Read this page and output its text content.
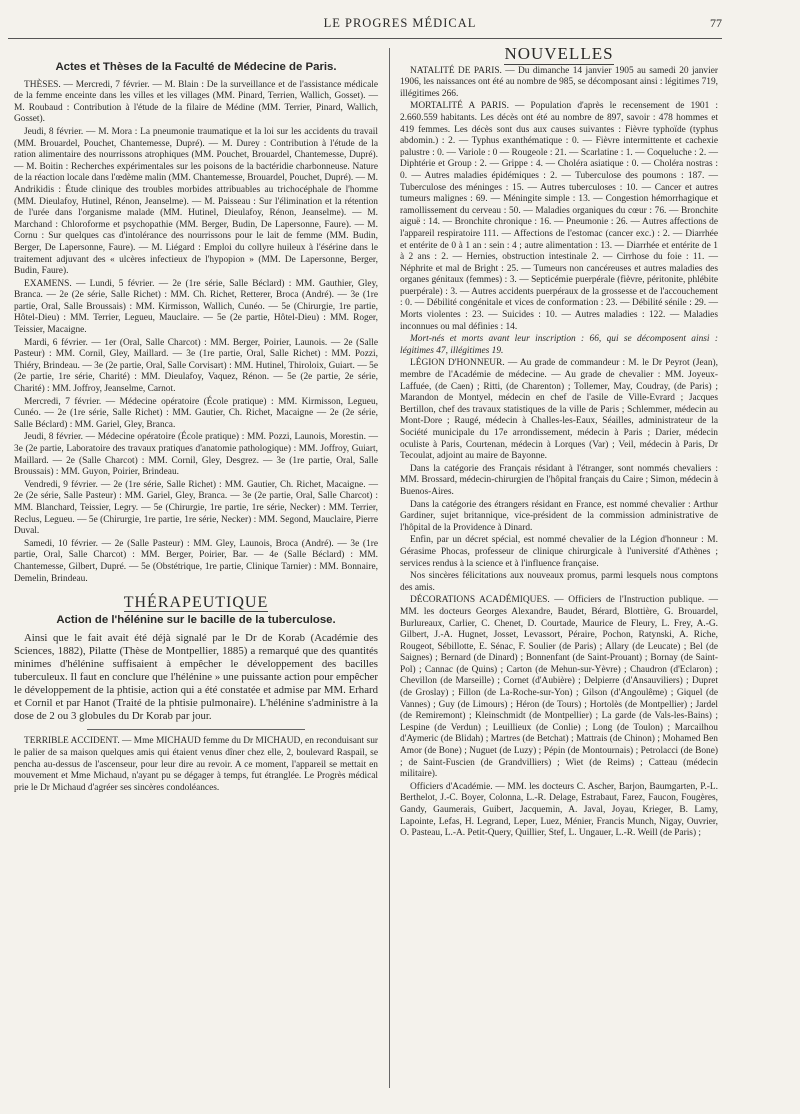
LE PROGRES MÉDICAL	77
Actes et Thèses de la Faculté de Médecine de Paris.

THÈSES. — Mercredi, 7 février. — M. Blain : De la surveillance et de l'assistance médicale de la femme enceinte dans les villes et les villages (MM. Pinard, Terrien, Wallich, Gosset). — M. Roubaud : Contribution à l'étude de la filaire de Médine (MM. Terrier, Pinard, Wallich, Gosset).

Jeudi, 8 février. — M. Mora : La pneumonie traumatique et la loi sur les accidents du travail (MM. Brouardel, Pouchet, Chantemesse, Dupré). — M. Durey : Contribution à l'étude de la ration alimentaire des nourrissons atrophiques (MM. Pouchet, Brouardel, Chantemesse, Dupré). — M. Boitin : Recherches expérimentales sur les poisons de la bactéridie charbonneuse. Nature de la réaction locale dans l'œdème malin (MM. Chantemesse, Brouardel, Pouchet, Dupré). — M. Andrikidis : Étude clinique des troubles morbides attribuables au trichocéphale de l'homme (MM. Dieulafoy, Hutinel, Rénon, Jeanselme). — M. Paisseau : Sur l'élimination et la rétention de l'urée dans l'organisme malade (MM. Hutinel, Dieulafoy, Rénon, Jeanselme). — M. Marchand : Chloroforme et psychopathie (MM. Berger, Budin, De Lapersonne, Faure). — M. Cornu : Sur quelques cas d'intolérance des nourrissons pour le lait de femme (MM. Budin, Berger, De Lapersonne, Faure). — M. Liégard : Emploi du collyre huileux à l'ésérine dans le traitement adjuvant des « ulcères infectieux de l'hypopion » (MM. De Lapersonne, Berger, Budin, Faure).

EXAMENS. — Lundi, 5 février. — 2e (1re série, Salle Béclard) : MM. Gauthier, Gley, Branca. — 2e (2e série, Salle Richet) : MM. Ch. Richet, Retterer, Broca (André). — 3e (1re partie, Oral, Salle Broussais) : MM. Kirmisson, Wallich, Cunéo. — 5e (Chirurgie, 1re partie, Hôtel-Dieu) : MM. Terrier, Legueu, Mauclaire. — 5e (2e partie, Hôtel-Dieu) : MM. Roger, Teissier, Macaigne.

Mardi, 6 février. — 1er (Oral, Salle Charcot) : MM. Berger, Poirier, Launois. — 2e (Salle Pasteur) : MM. Cornil, Gley, Maillard. — 3e (1re partie, Oral, Salle Richet) : MM. Pozzi, Thiéry, Brindeau. — 3e (2e partie, Oral, Salle Corvisart) : MM. Hutinel, Thiroloix, Guiart. — 5e (2e partie, 1re série, Charité) : MM. Dieulafoy, Vaquez, Rénon. — 5e (2e partie, 2e série, Charité) : MM. Joffroy, Jeanselme, Carnot.

Mercredi, 7 février. — Médecine opératoire (École pratique) : MM. Kirmisson, Legueu, Cunéo. — 2e (1re série, Salle Richet) : MM. Gautier, Ch. Richet, Macaigne — 2e (2e série, Salle Béclard) : MM. Gariel, Gley, Branca.

Jeudi, 8 février. — Médecine opératoire (École pratique) : MM. Pozzi, Launois, Morestin. — 3e (2e partie, Laboratoire des travaux pratiques d'anatomie pathologique) : MM. Joffroy, Guiart, Maillard. — 2e (Salle Charcot) : MM. Cornil, Gley, Desgrez. — 3e (1re partie, Oral, Salle Broussais) : MM. Guyon, Poirier, Brindeau.

Vendredi, 9 février. — 2e (1re série, Salle Richet) : MM. Gautier, Ch. Richet, Macaigne. — 2e (2e série, Salle Pasteur) : MM. Gariel, Gley, Branca. — 3e (2e partie, Oral, Salle Charcot) : MM. Blanchard, Teissier, Legry. — 5e (Chirurgie, 1re partie, 1re série, Necker) : MM. Terrier, Reclus, Legueu. — 5e (Chirurgie, 1re partie, 1re série, Necker) : MM. Segond, Mauclaire, Pierre Duval.

Samedi, 10 février. — 2e (Salle Pasteur) : MM. Gley, Launois, Broca (André). — 3e (1re partie, Oral, Salle Charcot) : MM. Berger, Poirier, Bar. — 4e (Salle Béclard) : MM. Chantemesse, Gilbert, Dupré. — 5e (Obstétrique, 1re partie, Clinique Tarnier) : MM. Bonnaire, Demelin, Brindeau.

THÉRAPEUTIQUE
Action de l'hélénine sur le bacille de la tuberculose.

Ainsi que le fait avait été déjà signalé par le Dr de Korab (Académie des Sciences, 1882), Pilatte (Thèse de Montpellier, 1885) a remarqué que des quantités minimes d'hélénine suffisaient à empêcher le développement des bacilles tuberculeux. Il faut en conclure que l'hélénine » une puissante action pour empêcher le développement de la phtisie, action qui a été constatée et admise par MM. Erhard et Cornil et par Hanot (Traité de la phtisie pulmonaire). L'hélénine s'administre à la dose de 2 ou 3 globules du Dr Korab par jour.

TERRIBLE ACCIDENT. — Mme MICHAUD femme du Dr MICHAUD, en reconduisant sur le palier de sa maison quelques amis qui étaient venus dîner chez elle, 2, boulevard Raspail, se pencha au-dessus de l'ascenseur, pour leur dire au revoir. A ce moment, l'appareil se mettait en mouvement et Mme Michaud, n'ayant pu se dégager à temps, fut étranglée. Le Progrès médical prie le Dr Michaud d'agréer ses sincères condoléances.

NOUVELLES

NATALITÉ DE PARIS. — Du dimanche 14 janvier 1905 au samedi 20 janvier 1906, les naissances ont été au nombre de 985, se décomposant ainsi : légitimes 719, illégitimes 266.

MORTALITÉ A PARIS. — Population d'après le recensement de 1901 : 2.660.559 habitants. Les décès ont été au nombre de 897, savoir : 478 hommes et 419 femmes. Les décès sont dus aux causes suivantes : Fièvre typhoïde (typhus abdomin.) : 2. — Typhus exanthématique : 0. — Fièvre intermittente et cachexie palustre : 0. — Variole : 0 — Rougeole : 21. — Scarlatine : 1. — Coqueluche : 2. — Diphtérie et Group : 2. — Grippe : 4. — Choléra asiatique : 0. — Choléra nostras : 0. — Autres maladies épidémiques : 2. — Tuberculose des poumons : 187. — Tuberculose des méninges : 15. — Autres tuberculoses : 10. — Cancer et autres tumeurs malignes : 69. — Méningite simple : 13. — Congestion hémorrhagique et ramollissement du cerveau : 50. — Maladies organiques du cœur : 76. — Bronchite aiguë : 14. — Bronchite chronique : 16. — Pneumonie : 26. — Autres affections de l'appareil respiratoire 111. — Affections de l'estomac (cancer exc.) : 2. — Diarrhée et entérite de 0 à 1 an : sein : 4 ; autre alimentation : 13. — Diarrhée et entérite de 1 à 2 ans : 2. — Hernies, obstruction intestinale 2. — Cirrhose du foie : 11. — Néphrite et mal de Bright : 25. — Tumeurs non cancéreuses et autres maladies des organes génitaux (femmes) : 3. — Septicémie puerpérale (fièvre, péritonite, phlébite puerpérale) : 3. — Autres accidents puerpéraux de la grossesse et de l'accouchement : 0. — Débilité congénitale et vices de conformation : 23. — Débilité sénile : 29. — Morts violentes : 23. — Suicides : 10. — Autres maladies : 122. — Maladies inconnues ou mal définies : 14.

Mort-nés et morts avant leur inscription : 66, qui se décomposent ainsi : légitimes 47, illégitimes 19.

LÉGION D'HONNEUR. — Au grade de commandeur : M. le Dr Peyrot (Jean), membre de l'Académie de médecine. — Au grade de chevalier : MM. Joyeux-Laffuée, (de Caen) ; Ritti, (de Charenton) ; Tollemer, May, Coudray, (de Paris) ; Marandon de Montyel, médecin en chef de l'asile de Ville-Evrard ; Jacques Bertillon, chef des travaux statistiques de la ville de Paris ; Schlemmer, médecin au Mont-Dore ; Raugé, médecin à Challes-les-Eaux, Séailles, administrateur de la Société municipale du 17e arrondissement, médecin à Paris ; Darier, médecin oculiste à Paris, Courtenan, médecin à Lorques (Var) ; Veil, médecin à Paris, Dr Tecoulat, adjoint au maire de Bayonne.

Dans la catégorie des Français résidant à l'étranger, sont nommés chevaliers : MM. Brossard, médecin-chirurgien de l'hôpital français du Caire ; Simon, médecin à Buenos-Aires.

Dans la catégorie des étrangers résidant en France, est nommé chevalier : Arthur Gardiner, sujet britannique, vice-président de la commission administrative de l'hôpital de la Providence à Dinard.

Enfin, par un décret spécial, est nommé chevalier de la Légion d'honneur : M. Gérasime Phocas, professeur de clinique chirurgicale à l'université d'Athènes ; services rendus à la science et à l'influence française.

Nos sincères félicitations aux nouveaux promus, parmi lesquels nous comptons des amis.

DÉCORATIONS ACADÉMIQUES. — Officiers de l'Instruction publique. — MM. les docteurs Georges Alexandre, Baudet, Bérard, Blottière, G. Brouardel, Burlureaux, Carlier, C. Chenet, D. Courtade, Maurice de Fleury, L. Frey, A.-G. Gilbert, J.-A. Hugnet, Josset, Levassort, Péraire, Pochon, Ratynski, A. Riche, Rougeot, Sébillotte, E. Sénac, F. Soulier (de Paris) ; Allary (de Leucate) ; Bel (de Saignes) ; Bernard (de Dinard) ; Bonnenfant (de Saint-Prouant) ; Bornay (de Saint-Pol) ; Cannac (de Quins) ; Carton (de Mehun-sur-Yèvre) ; Chaudron (d'Eclaron) ; Chevillon (de Marseille) ; Cornet (d'Aubière) ; Delpierre (d'Ansauviliers) ; Dupret (de Groslay) ; Fillon (de La-Roche-sur-Yon) ; Gilson (d'Angoulême) ; Giquel (de Vannes) ; Guy (de Limours) ; Héron (de Tours) ; Hortolès (de Montpellier) ; Jardel (de Remiremont) ; Kleinschmidt (de Montpellier) ; La garde (de Vals-les-Bains) ; Lespine (de Verdun) ; Leuillieux (de Conlie) ; Long (de Toulon) ; Marcailhou d'Aymeric (de Blidah) ; Martres (de Betchat) ; Mattrais (de Chinon) ; Mohamed Ben Amor (de Bone) ; Nuguet (de Luzy) ; Pépin (de Montournais) ; Petrolacci (de Bone) ; de Saint-Fuscien (de Grandvilliers) ; Wiet (de Reims) ; Catteau (médecin militaire).

Officiers d'Académie. — MM. les docteurs C. Ascher, Barjon, Baumgarten, P.-L. Berthelot, J.-C. Boyer, Colonna, L.-R. Delage, Estrabaut, Farez, Faucon, Fougères, Gandy, Gaumerais, Guibert, Jacquemin, A. Javal, Joyau, Krieger, B. Lamy, Lapointe, Lefas, H. Legrand, Leper, Luez, Ménier, Francis Munch, Nigay, Ouvrier, O. Pasteau, L.-A. Petit-Query, Quillier, Stef, L. Ungauer, L.-R. Weill (de Paris) ;
